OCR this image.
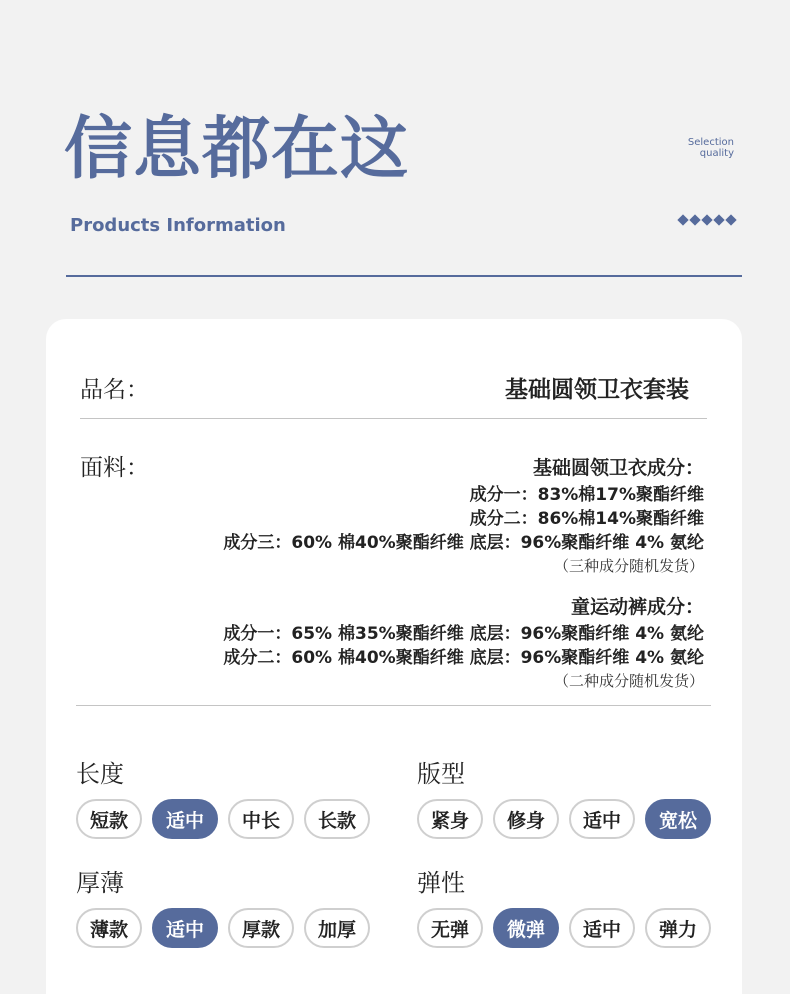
信息都在这
Products Information
Selection
quality
品名：	基础圆领卫衣套装
面料：	基础圆领卫衣成分：
成分一：83%棉17%聚酯纤维
成分二：86%棉14%聚酯纤维
成分三：60% 棉40%聚酯纤维 底层：96%聚酯纤维 4% 氨纶
（三种成分随机发货）
童运动裤成分：
成分一：65% 棉35%聚酯纤维 底层：96%聚酯纤维 4% 氨纶
成分二：60% 棉40%聚酯纤维 底层：96%聚酯纤维 4% 氨纶
（二种成分随机发货）
长度
短款	适中	中长	长款
版型
紧身	修身	适中	宽松
厚薄
薄款	适中	厚款	加厚
弹性
无弹	微弹	适中	弹力
